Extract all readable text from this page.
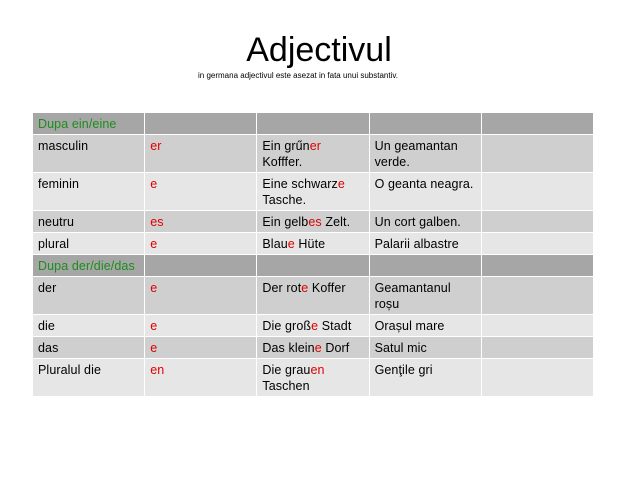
Adjectivul
in germana adjectivul este asezat in fata unui substantiv.
Dupa ein/eine				
masculin	er	Ein grűner Kofffer.	Un geamantan verde.	
feminin	e	Eine schwarze Tasche.	O geanta neagra.	
neutru	es	Ein gelbes Zelt.	Un cort galben.	
plural	e	Blaue Hüte	Palarii albastre	
Dupa der/die/das				
der	e	Der rote Koffer	Geamantanul roșu	
die	e	Die große Stadt	Orașul mare	
das	e	Das kleine Dorf	Satul mic	
Pluralul die	en	Die grauen Taschen	Genţile gri	
